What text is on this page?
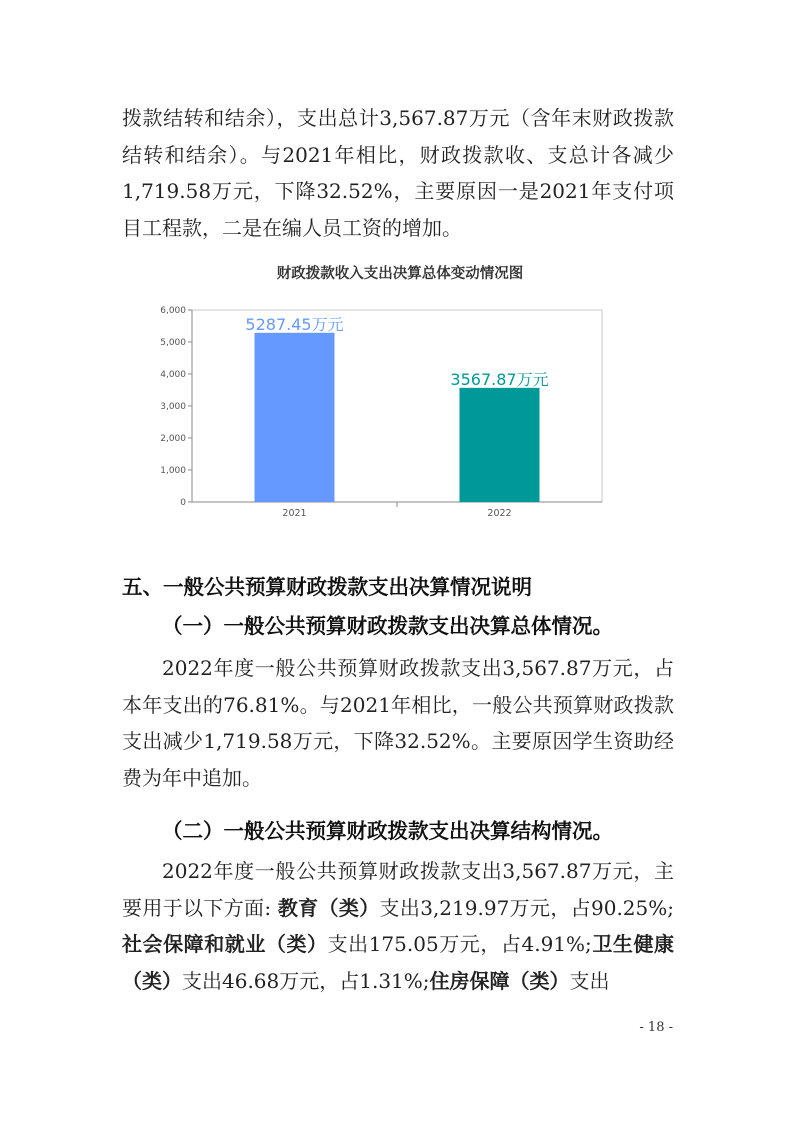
拨款结转和结余），支出总计3,567.87万元（含年末财政拨款结转和结余）。与2021年相比，财政拨款收、支总计各减少1,719.58万元，下降32.52%，主要原因一是2021年支付项目工程款，二是在编人员工资的增加。

财政拨款收入支出决算总体变动情况图
0
1,000
2,000
3,000
4,000
5,000
6,000
2021	2022
5287.45万元
3567.87万元

五、一般公共预算财政拨款支出决算情况说明

（一）一般公共预算财政拨款支出决算总体情况。

2022年度一般公共预算财政拨款支出3,567.87万元，占本年支出的76.81%。与2021年相比，一般公共预算财政拨款支出减少1,719.58万元，下降32.52%。主要原因学生资助经费为年中追加。

（二）一般公共预算财政拨款支出决算结构情况。

2022年度一般公共预算财政拨款支出3,567.87万元，主要用于以下方面: 教育（类）支出3,219.97万元，占90.25%;社会保障和就业（类）支出175.05万元，占4.91%;卫生健康（类）支出46.68万元，占1.31%;住房保障（类）支出

- 18 -
